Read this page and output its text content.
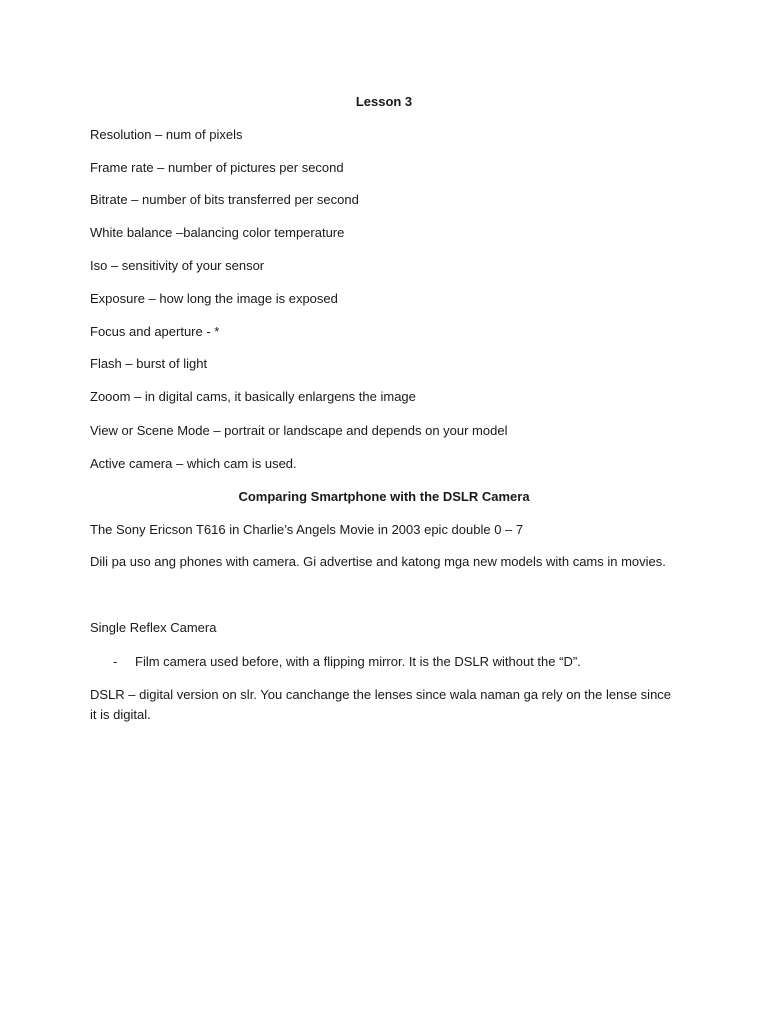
Lesson 3
Resolution – num of pixels
Frame rate – number of pictures per second
Bitrate – number of bits transferred per second
White balance –balancing color temperature
Iso – sensitivity of your sensor
Exposure – how long the image is exposed
Focus and aperture - *
Flash – burst of light
Zooom – in digital cams, it basically enlargens the image
View or Scene Mode – portrait or landscape and depends on your model
Active camera – which cam is used.
Comparing Smartphone with the DSLR Camera
The Sony Ericson T616 in Charlie’s Angels Movie in 2003 epic double 0 – 7
Dili pa uso ang phones with camera. Gi advertise and katong mga new models with cams in movies.
Single Reflex Camera
- Film camera used before, with a flipping mirror. It is the DSLR without the “D”.
DSLR – digital version on slr. You canchange the lenses since wala naman ga rely on the lense since it is digital.
